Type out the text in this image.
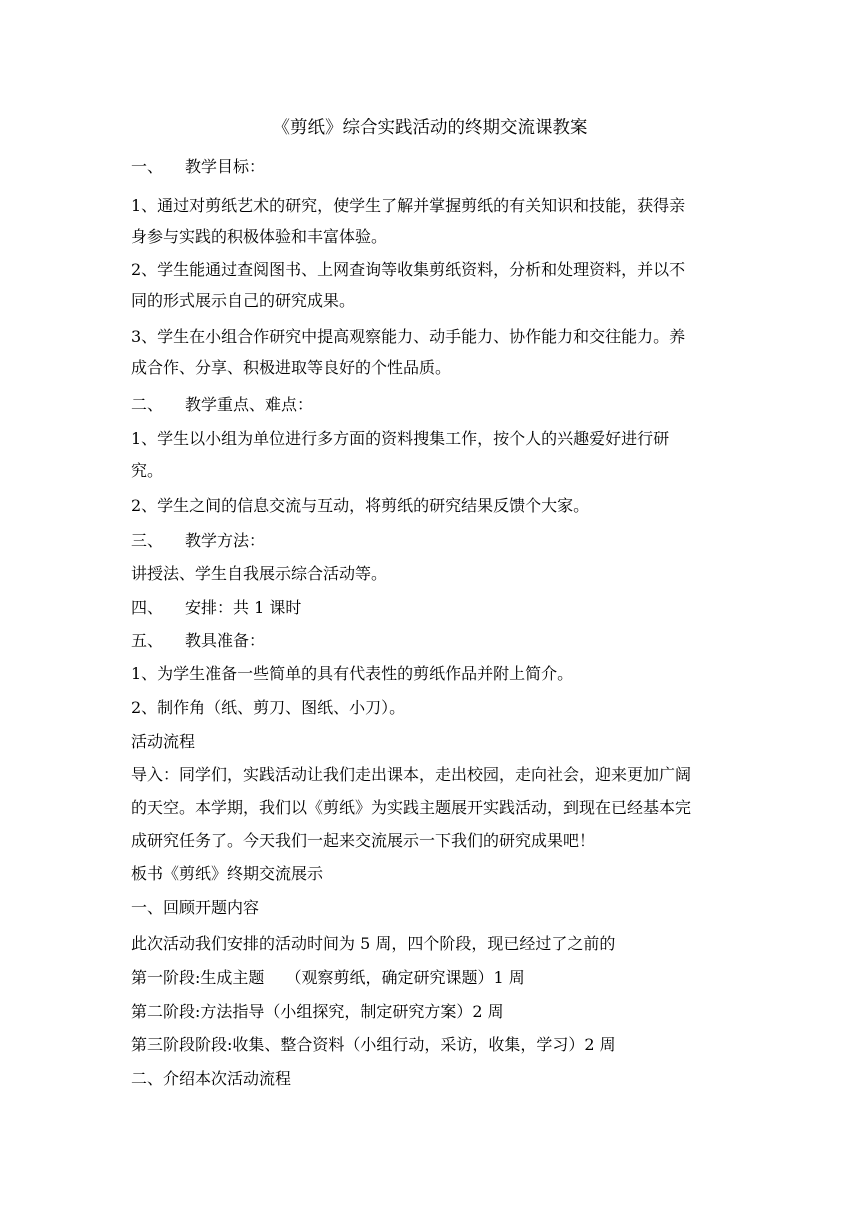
《剪纸》综合实践活动的终期交流课教案

一、 教学目标：

1、通过对剪纸艺术的研究，使学生了解并掌握剪纸的有关知识和技能，获得亲

身参与实践的积极体验和丰富体验。

2、学生能通过查阅图书、上网查询等收集剪纸资料，分析和处理资料，并以不

同的形式展示自己的研究成果。

3、学生在小组合作研究中提高观察能力、动手能力、协作能力和交往能力。养

成合作、分享、积极进取等良好的个性品质。

二、 教学重点、难点：

1、学生以小组为单位进行多方面的资料搜集工作，按个人的兴趣爱好进行研

究。

2、学生之间的信息交流与互动，将剪纸的研究结果反馈个大家。

三、 教学方法：

讲授法、学生自我展示综合活动等。

四、 安排：共 1 课时

五、 教具准备：

1、为学生准备一些简单的具有代表性的剪纸作品并附上简介。

2、制作角（纸、剪刀、图纸、小刀）。

活动流程

导入：同学们，实践活动让我们走出课本，走出校园，走向社会，迎来更加广阔

的天空。本学期，我们以《剪纸》为实践主题展开实践活动，到现在已经基本完

成研究任务了。今天我们一起来交流展示一下我们的研究成果吧！

板书《剪纸》终期交流展示

一、回顾开题内容

此次活动我们安排的活动时间为 5 周，四个阶段，现已经过了之前的

第一阶段:生成主题　 （观察剪纸，确定研究课题）1 周

第二阶段:方法指导（小组探究，制定研究方案）2 周

第三阶段阶段:收集、整合资料（小组行动，采访，收集，学习）2 周

二、介绍本次活动流程
